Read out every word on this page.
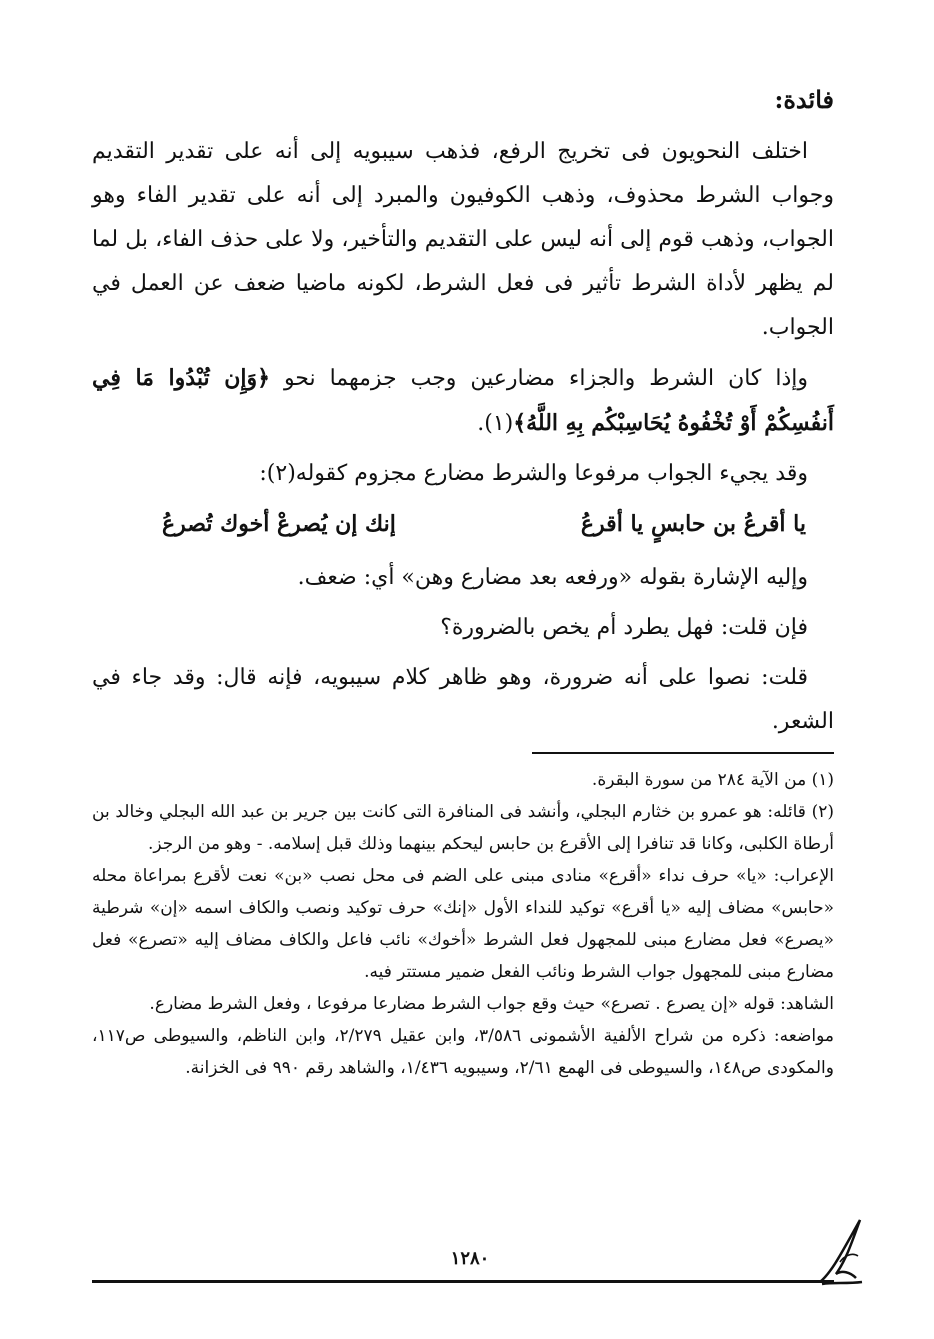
فائدة:

اختلف النحويون فى تخريج الرفع، فذهب سيبويه إلى أنه على تقدير التقديم وجواب الشرط محذوف، وذهب الكوفيون والمبرد إلى أنه على تقدير الفاء وهو الجواب، وذهب قوم إلى أنه ليس على التقديم والتأخير، ولا على حذف الفاء، بل لما لم يظهر لأداة الشرط تأثير فى فعل الشرط، لكونه ماضيا ضعف عن العمل في الجواب.

وإذا كان الشرط والجزاء مضارعين وجب جزمهما نحو ﴿وَإِن تُبْدُوا مَا فِي أَنفُسِكُمْ أَوْ تُخْفُوهُ يُحَاسِبْكُم بِهِ اللَّهُ﴾(١).

وقد يجيء الجواب مرفوعا والشرط مضارع مجزوم كقوله(٢):

يا أقرعُ بن حابسٍ يا أقرعُ
إنك إن يُصرعْ أخوك تُصرعُ

وإليه الإشارة بقوله «ورفعه بعد مضارع وهن» أي: ضعف.

فإن قلت: فهل يطرد أم يخص بالضرورة؟

قلت: نصوا على أنه ضرورة، وهو ظاهر كلام سيبويه، فإنه قال: وقد جاء في الشعر.

(١) من الآية ٢٨٤ من سورة البقرة.

(٢) قائله: هو عمرو بن خثارم البجلي، وأنشد فى المنافرة التى كانت بين جرير بن عبد الله البجلي وخالد بن أرطاة الكلبى، وكانا قد تنافرا إلى الأقرع بن حابس ليحكم بينهما وذلك قبل إسلامه. - وهو من الرجز.

الإعراب: «يا» حرف نداء «أقرع» منادى مبنى على الضم فى محل نصب «بن» نعت لأقرع بمراعاة محله «حابس» مضاف إليه «يا أقرع» توكيد للنداء الأول «إنك» حرف توكيد ونصب والكاف اسمه «إن» شرطية «يصرع» فعل مضارع مبنى للمجهول فعل الشرط «أخوك» نائب فاعل والكاف مضاف إليه «تصرع» فعل مضارع مبنى للمجهول جواب الشرط ونائب الفعل ضمير مستتر فيه.

الشاهد: قوله «إن يصرع . تصرع» حيث وقع جواب الشرط مضارعا مرفوعا ، وفعل الشرط مضارع.

مواضعه: ذكره من شراح الألفية الأشمونى ٣/٥٨٦، وابن عقيل ٢/٢٧٩، وابن الناظم، والسيوطى ص١١٧، والمكودى ص١٤٨، والسيوطى فى الهمع ٢/٦١، وسيبويه ١/٤٣٦، والشاهد رقم ٩٩٠ فى الخزانة.

١٢٨٠
